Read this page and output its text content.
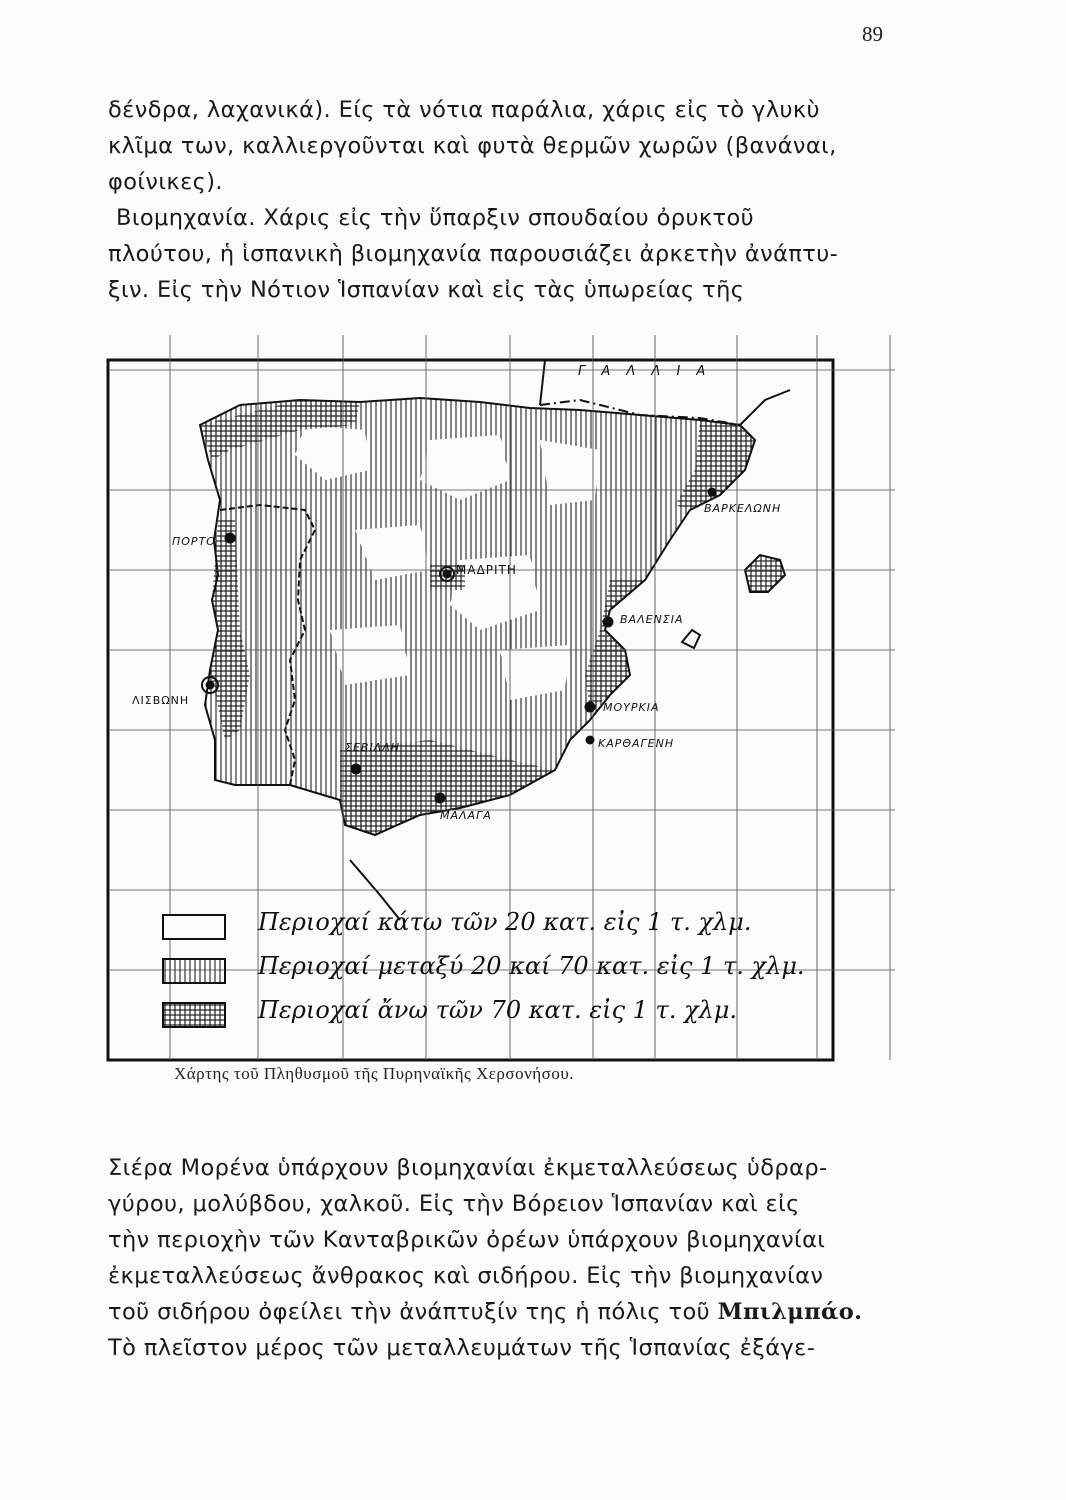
89
δένδρα, λαχανικά). Είς τὰ νότια παράλια, χάρις εἰς τὸ γλυκὺ
κλῖμα των, καλλιεργοῦνται καὶ φυτὰ θερμῶν χωρῶν (βανάναι,
φοίνικες).
Βιομηχανία. Χάρις εἰς τὴν ὕπαρξιν σπουδαίου ὀρυκτοῦ
πλούτου, ἡ ἱσπανικὴ βιομηχανία παρουσιάζει ἀρκετὴν ἀνάπτυ-
ξιν. Εἰς τὴν Νότιον Ἱσπανίαν καὶ εἰς τὰς ὑπωρείας τῆς
Γ Α Λ Λ Ι Α
ΠΟΡΤΟ
ΜΑΔΡΙΤΗ
ΒΑΡΚΕΛΩΝΗ
ΒΑΛΕΝΣΙΑ
ΛΙΣΒΩΝΗ
ΜΟΥΡΚΙΑ
ΚΑΡΘΑΓΕΝΗ
ΣΕΒΙΛΛΗ
ΜΑΛΑΓΑ
Περιοχαί κάτω τῶν 20 κατ. εἰς 1 τ. χλμ.
Περιοχαί μεταξύ 20 καί 70 κατ. εἰς 1 τ. χλμ.
Περιοχαί ἄνω τῶν 70 κατ. εἰς 1 τ. χλμ.
Χάρτης τοῦ Πληθυσμοῦ τῆς Πυρηναϊκῆς Χερσονήσου.
Σιέρα Μορένα ὑπάρχουν βιομηχανίαι ἐκμεταλλεύσεως ὑδραρ-
γύρου, μολύβδου, χαλκοῦ. Εἰς τὴν Βόρειον Ἱσπανίαν καὶ εἰς
τὴν περιοχὴν τῶν Κανταβρικῶν ὀρέων ὑπάρχουν βιομηχανίαι
ἐκμεταλλεύσεως ἄνθρακος καὶ σιδήρου. Εἰς τὴν βιομηχανίαν
τοῦ σιδήρου ὀφείλει τὴν ἀνάπτυξίν της ἡ πόλις τοῦ Μπιλμπάο.
Τὸ πλεῖστον μέρος τῶν μεταλλευμάτων τῆς Ἱσπανίας ἐξάγε-
